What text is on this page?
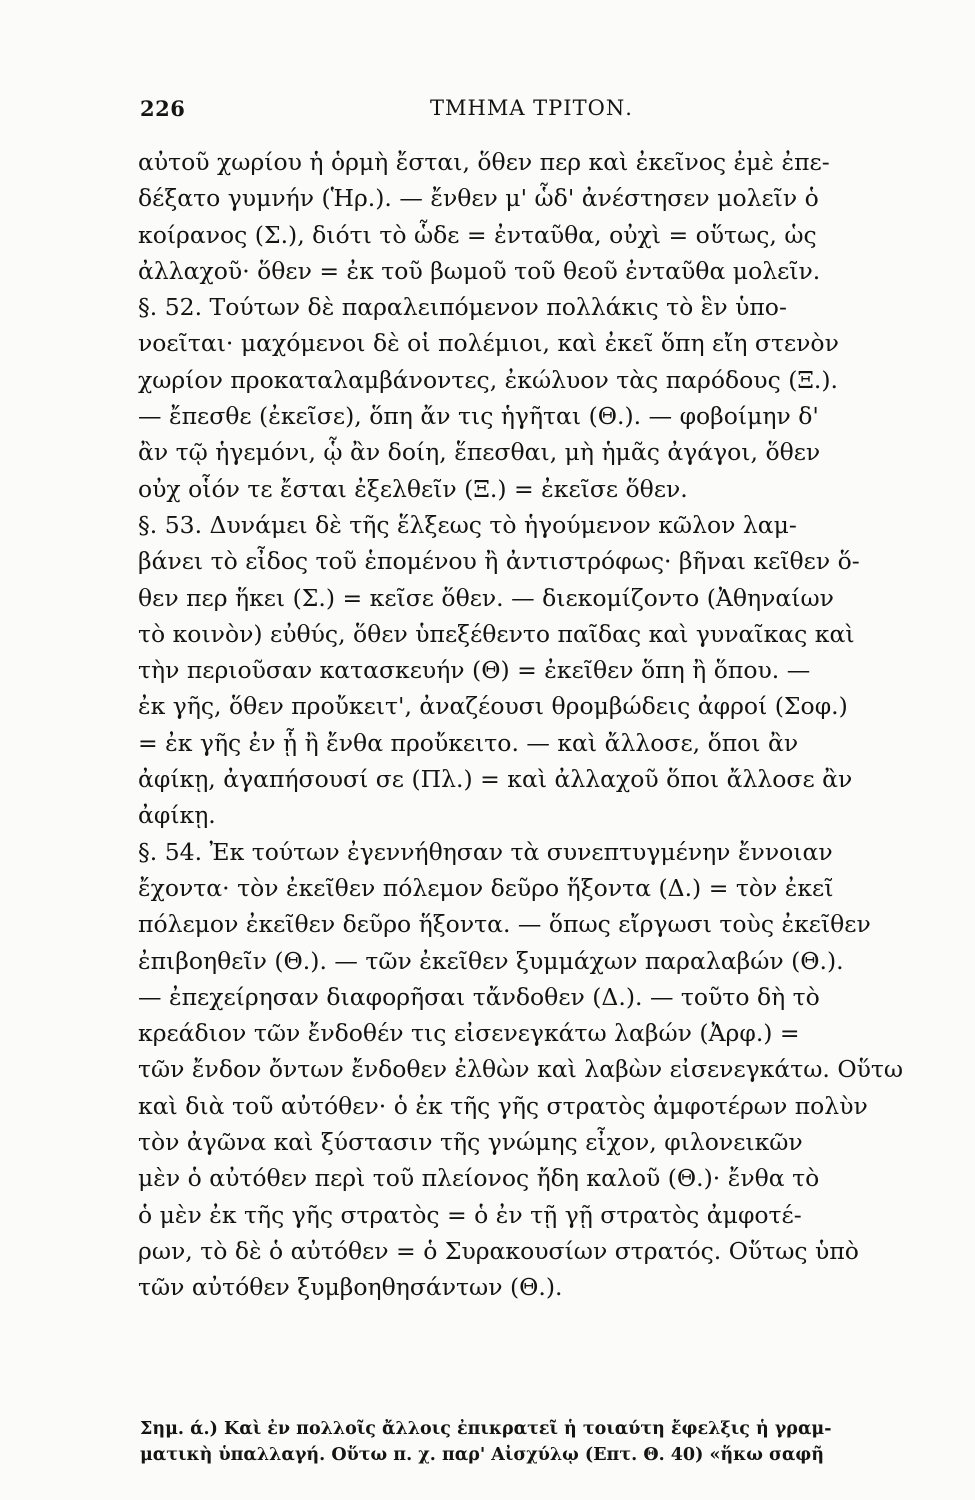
226	ΤΜΗΜΑ ΤΡΙΤΟΝ.
αὐτοῦ χωρίου ἡ ὁρμὴ ἔσται, ὅθεν περ καὶ ἐκεῖνος ἐμὲ ἐπε-
δέξατο γυμνήν (Ἡρ.). — ἔνθεν μ' ὧδ' ἀνέστησεν μολεῖν ὁ
κοίρανος (Σ.), διότι τὸ ὧδε = ἐνταῦθα, οὐχὶ = οὕτως, ὡς
ἀλλαχοῦ· ὅθεν = ἐκ τοῦ βωμοῦ τοῦ θεοῦ ἐνταῦθα μολεῖν.
§. 52. Τούτων δὲ παραλειπόμενον πολλάκις τὸ ἓν ὑπο-
νοεῖται· μαχόμενοι δὲ οἱ πολέμιοι, καὶ ἐκεῖ ὅπη εἴη στενὸν
χωρίον προκαταλαμβάνοντες, ἐκώλυον τὰς παρόδους (Ξ.).
— ἔπεσθε (ἐκεῖσε), ὅπη ἄν τις ἡγῆται (Θ.). — φοβοίμην δ'
ἂν τῷ ἡγεμόνι, ᾧ ἂν δοίη, ἕπεσθαι, μὴ ἡμᾶς ἀγάγοι, ὅθεν
οὐχ οἷόν τε ἔσται ἐξελθεῖν (Ξ.) = ἐκεῖσε ὅθεν.
§. 53. Δυνάμει δὲ τῆς ἕλξεως τὸ ἡγούμενον κῶλον λαμ-
βάνει τὸ εἶδος τοῦ ἑπομένου ἢ ἀντιστρόφως· βῆναι κεῖθεν ὅ-
θεν περ ἥκει (Σ.) = κεῖσε ὅθεν. — διεκομίζοντο (Ἀθηναίων
τὸ κοινὸν) εὐθύς, ὅθεν ὑπεξέθεντο παῖδας καὶ γυναῖκας καὶ
τὴν περιοῦσαν κατασκευήν (Θ) = ἐκεῖθεν ὅπη ἢ ὅπου. —
ἐκ γῆς, ὅθεν προὔκειτ', ἀναζέουσι θρομβώδεις ἀφροί (Σοφ.)
= ἐκ γῆς ἐν ᾗ ἢ ἔνθα προὔκειτο. — καὶ ἄλλοσε, ὅποι ἂν
ἀφίκῃ, ἀγαπήσουσί σε (Πλ.) = καὶ ἀλλαχοῦ ὅποι ἄλλοσε ἂν
ἀφίκῃ.
§. 54. Ἐκ τούτων ἐγεννήθησαν τὰ συνεπτυγμένην ἔννοιαν
ἔχοντα· τὸν ἐκεῖθεν πόλεμον δεῦρο ἥξοντα (Δ.) = τὸν ἐκεῖ
πόλεμον ἐκεῖθεν δεῦρο ἥξοντα. — ὅπως εἴργωσι τοὺς ἐκεῖθεν
ἐπιβοηθεῖν (Θ.). — τῶν ἐκεῖθεν ξυμμάχων παραλαβών (Θ.).
— ἐπεχείρησαν διαφορῆσαι τἄνδοθεν (Δ.). — τοῦτο δὴ τὸ
κρεάδιον τῶν ἔνδοθέν τις εἰσενεγκάτω λαβών (Ἀρφ.) =
τῶν ἔνδον ὄντων ἔνδοθεν ἐλθὼν καὶ λαβὼν εἰσενεγκάτω. Οὕτω
καὶ διὰ τοῦ αὐτόθεν· ὁ ἐκ τῆς γῆς στρατὸς ἀμφοτέρων πολὺν
τὸν ἀγῶνα καὶ ξύστασιν τῆς γνώμης εἶχον, φιλονεικῶν
μὲν ὁ αὐτόθεν περὶ τοῦ πλείονος ἤδη καλοῦ (Θ.)· ἔνθα τὸ
ὁ μὲν ἐκ τῆς γῆς στρατὸς = ὁ ἐν τῇ γῇ στρατὸς ἀμφοτέ-
ρων, τὸ δὲ ὁ αὐτόθεν = ὁ Συρακουσίων στρατός. Οὕτως ὑπὸ
τῶν αὐτόθεν ξυμβοηθησάντων (Θ.).
Σημ. ά.) Καὶ ἐν πολλοῖς ἄλλοις ἐπικρατεῖ ἡ τοιαύτη ἔφελξις ἡ γραμ-
ματικὴ ὑπαλλαγή. Οὕτω π. χ. παρ' Αἰσχύλῳ (Επτ. Θ. 40) «ἥκω σαφῆ
